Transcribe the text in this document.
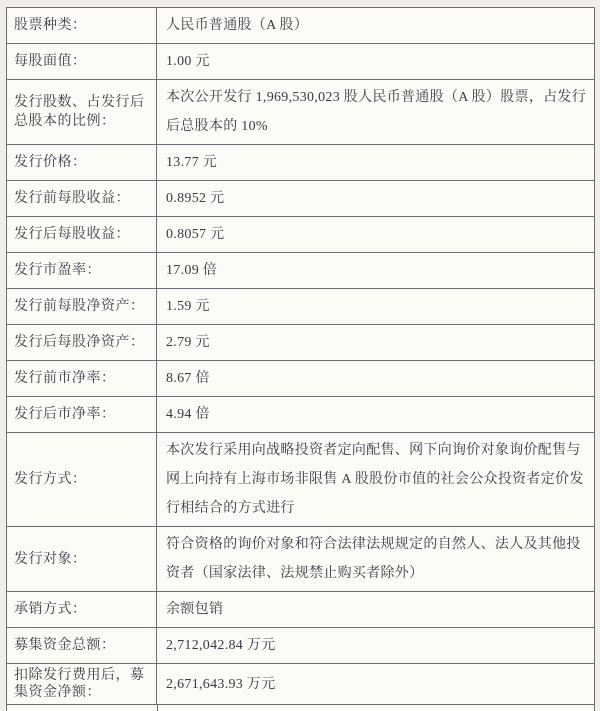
股票种类：	人民币普通股（A 股）
每股面值：	1.00 元
发行股数、占发行后总股本的比例：
本次公开发行 1,969,530,023 股人民币普通股（A 股）股票，占发行后总股本的 10%
发行价格：	13.77 元
发行前每股收益：	0.8952 元
发行后每股收益：	0.8057 元
发行市盈率：	17.09 倍
发行前每股净资产：	1.59 元
发行后每股净资产：	2.79 元
发行前市净率：	8.67 倍
发行后市净率：	4.94 倍
发行方式：
本次发行采用向战略投资者定向配售、网下向询价对象询价配售与网上向持有上海市场非限售 A 股股份市值的社会公众投资者定价发行相结合的方式进行
发行对象：
符合资格的询价对象和符合法律法规规定的自然人、法人及其他投资者（国家法律、法规禁止购买者除外）
承销方式：	余额包销
募集资金总额：	2,712,042.84 万元
扣除发行费用后，募集资金净额：
2,671,643.93 万元
